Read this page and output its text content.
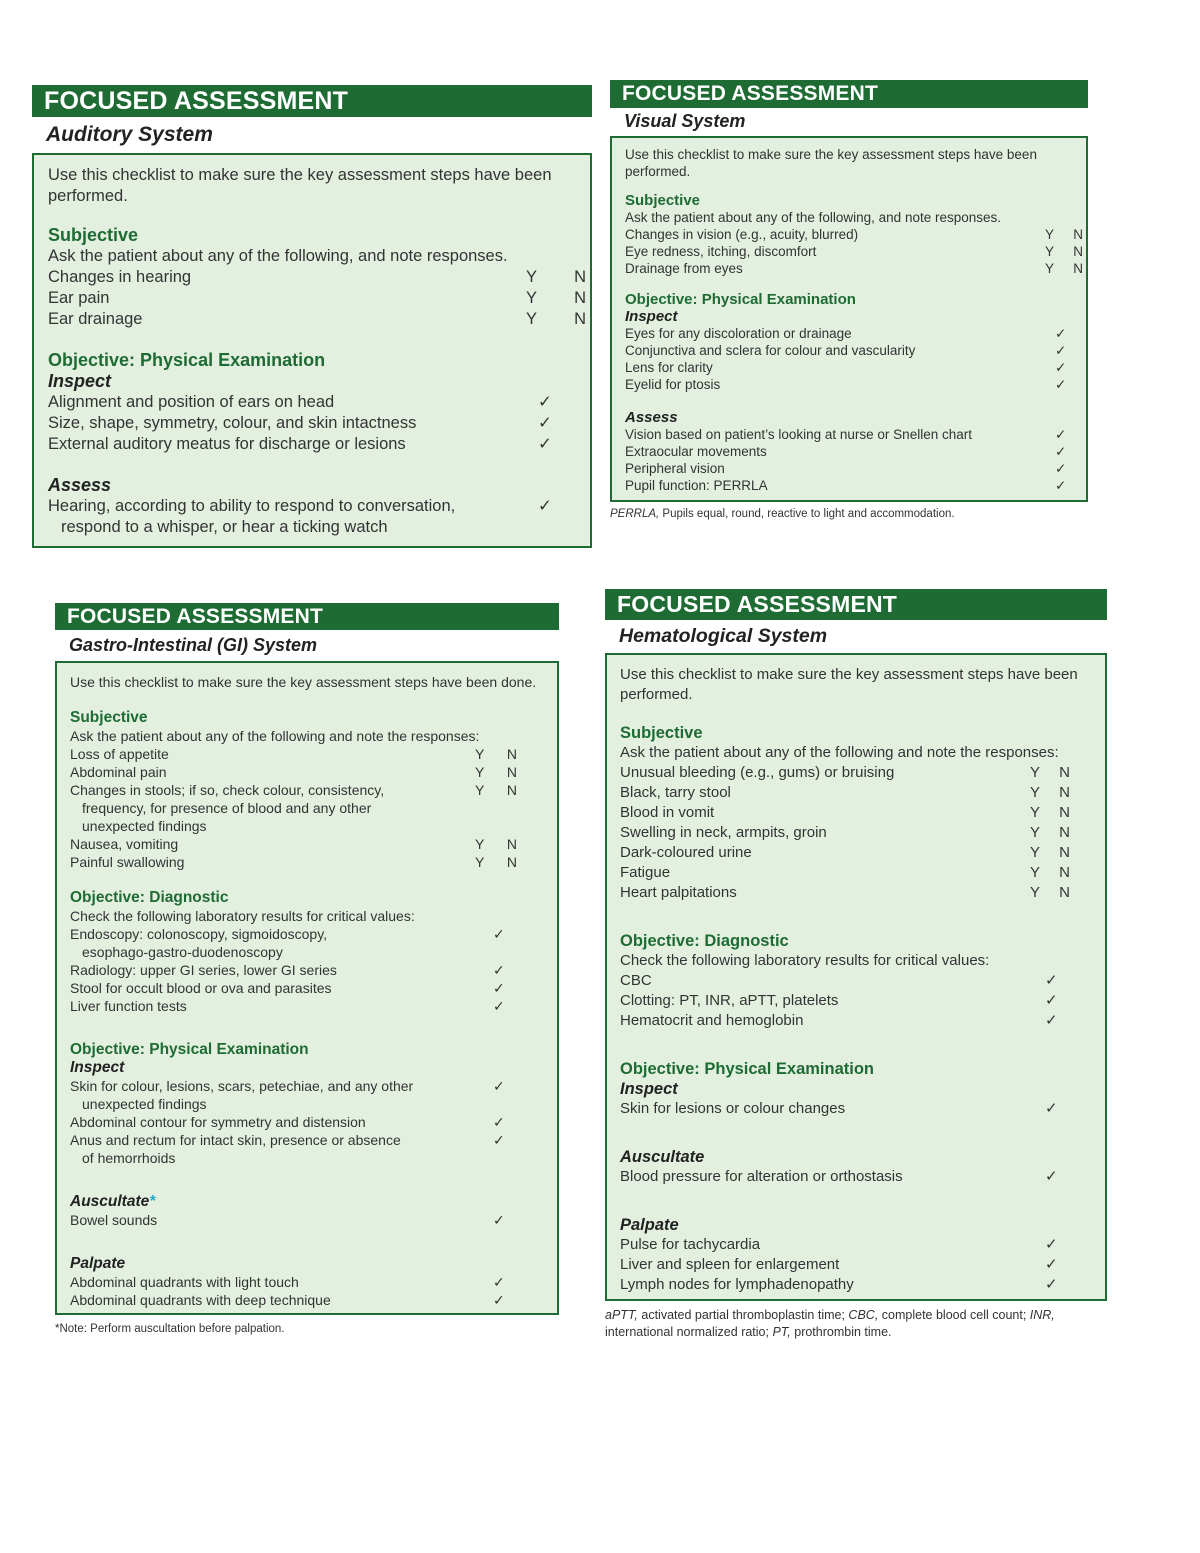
FOCUSED ASSESSMENT
Auditory System
Use this checklist to make sure the key assessment steps have been performed.
Subjective
Ask the patient about any of the following, and note responses.
Changes in hearing	Y N
Ear pain	Y N
Ear drainage	Y N
Objective: Physical Examination
Inspect
Alignment and position of ears on head	✓
Size, shape, symmetry, colour, and skin intactness	✓
External auditory meatus for discharge or lesions	✓
Assess
Hearing, according to ability to respond to conversation,	✓
respond to a whisper, or hear a ticking watch
FOCUSED ASSESSMENT
Visual System
Use this checklist to make sure the key assessment steps have been performed.
Subjective
Ask the patient about any of the following, and note responses.
Changes in vision (e.g., acuity, blurred)	Y N
Eye redness, itching, discomfort	Y N
Drainage from eyes	Y N
Objective: Physical Examination
Inspect
Eyes for any discoloration or drainage	✓
Conjunctiva and sclera for colour and vascularity	✓
Lens for clarity	✓
Eyelid for ptosis	✓
Assess
Vision based on patient’s looking at nurse or Snellen chart	✓
Extraocular movements	✓
Peripheral vision	✓
Pupil function: PERRLA	✓
PERRLA, Pupils equal, round, reactive to light and accommodation.
FOCUSED ASSESSMENT
Gastro-Intestinal (GI) System
Use this checklist to make sure the key assessment steps have been done.
Subjective
Ask the patient about any of the following and note the responses:
Loss of appetite	Y N
Abdominal pain	Y N
Changes in stools; if so, check colour, consistency,	Y N
frequency, for presence of blood and any other
unexpected findings
Nausea, vomiting	Y N
Painful swallowing	Y N
Objective: Diagnostic
Check the following laboratory results for critical values:
Endoscopy: colonoscopy, sigmoidoscopy,	✓
esophago-gastro-duodenoscopy
Radiology: upper GI series, lower GI series	✓
Stool for occult blood or ova and parasites	✓
Liver function tests	✓
Objective: Physical Examination
Inspect
Skin for colour, lesions, scars, petechiae, and any other	✓
unexpected findings
Abdominal contour for symmetry and distension	✓
Anus and rectum for intact skin, presence or absence	✓
of hemorrhoids
Auscultate*
Bowel sounds	✓
Palpate
Abdominal quadrants with light touch	✓
Abdominal quadrants with deep technique	✓
*Note: Perform auscultation before palpation.
FOCUSED ASSESSMENT
Hematological System
Use this checklist to make sure the key assessment steps have been performed.
Subjective
Ask the patient about any of the following and note the responses:
Unusual bleeding (e.g., gums) or bruising	Y N
Black, tarry stool	Y N
Blood in vomit	Y N
Swelling in neck, armpits, groin	Y N
Dark-coloured urine	Y N
Fatigue	Y N
Heart palpitations	Y N
Objective: Diagnostic
Check the following laboratory results for critical values:
CBC	✓
Clotting: PT, INR, aPTT, platelets	✓
Hematocrit and hemoglobin	✓
Objective: Physical Examination
Inspect
Skin for lesions or colour changes	✓
Auscultate
Blood pressure for alteration or orthostasis	✓
Palpate
Pulse for tachycardia	✓
Liver and spleen for enlargement	✓
Lymph nodes for lymphadenopathy	✓
aPTT, activated partial thromboplastin time; CBC, complete blood cell count; INR, international normalized ratio; PT, prothrombin time.
